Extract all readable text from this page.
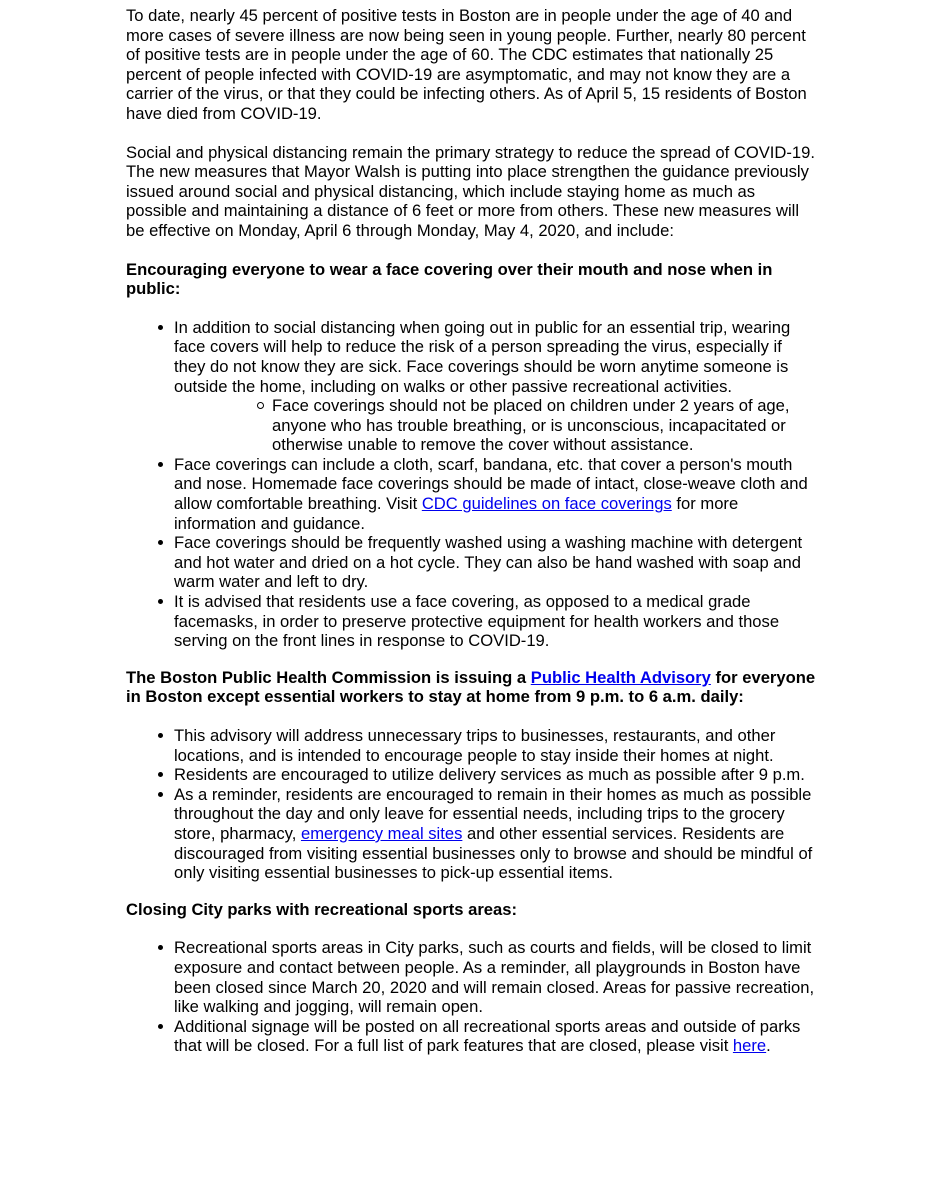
To date, nearly 45 percent of positive tests in Boston are in people under the age of 40 and more cases of severe illness are now being seen in young people. Further, nearly 80 percent of positive tests are in people under the age of 60. The CDC estimates that nationally 25 percent of people infected with COVID-19 are asymptomatic, and may not know they are a carrier of the virus, or that they could be infecting others. As of April 5, 15 residents of Boston have died from COVID-19.

Social and physical distancing remain the primary strategy to reduce the spread of COVID-19. The new measures that Mayor Walsh is putting into place strengthen the guidance previously issued around social and physical distancing, which include staying home as much as possible and maintaining a distance of 6 feet or more from others. These new measures will be effective on Monday, April 6 through Monday, May 4, 2020, and include:

Encouraging everyone to wear a face covering over their mouth and nose when in public:

In addition to social distancing when going out in public for an essential trip, wearing face covers will help to reduce the risk of a person spreading the virus, especially if they do not know they are sick. Face coverings should be worn anytime someone is outside the home, including on walks or other passive recreational activities.
Face coverings should not be placed on children under 2 years of age, anyone who has trouble breathing, or is unconscious, incapacitated or otherwise unable to remove the cover without assistance.
Face coverings can include a cloth, scarf, bandana, etc. that cover a person's mouth and nose. Homemade face coverings should be made of intact, close-weave cloth and allow comfortable breathing. Visit CDC guidelines on face coverings for more information and guidance.
Face coverings should be frequently washed using a washing machine with detergent and hot water and dried on a hot cycle. They can also be hand washed with soap and warm water and left to dry.
It is advised that residents use a face covering, as opposed to a medical grade facemasks, in order to preserve protective equipment for health workers and those serving on the front lines in response to COVID-19.

The Boston Public Health Commission is issuing a Public Health Advisory for everyone in Boston except essential workers to stay at home from 9 p.m. to 6 a.m. daily:

This advisory will address unnecessary trips to businesses, restaurants, and other locations, and is intended to encourage people to stay inside their homes at night.
Residents are encouraged to utilize delivery services as much as possible after 9 p.m.
As a reminder, residents are encouraged to remain in their homes as much as possible throughout the day and only leave for essential needs, including trips to the grocery store, pharmacy, emergency meal sites and other essential services. Residents are discouraged from visiting essential businesses only to browse and should be mindful of only visiting essential businesses to pick-up essential items.

Closing City parks with recreational sports areas:

Recreational sports areas in City parks, such as courts and fields, will be closed to limit exposure and contact between people. As a reminder, all playgrounds in Boston have been closed since March 20, 2020 and will remain closed. Areas for passive recreation, like walking and jogging, will remain open.
Additional signage will be posted on all recreational sports areas and outside of parks that will be closed. For a full list of park features that are closed, please visit here.
